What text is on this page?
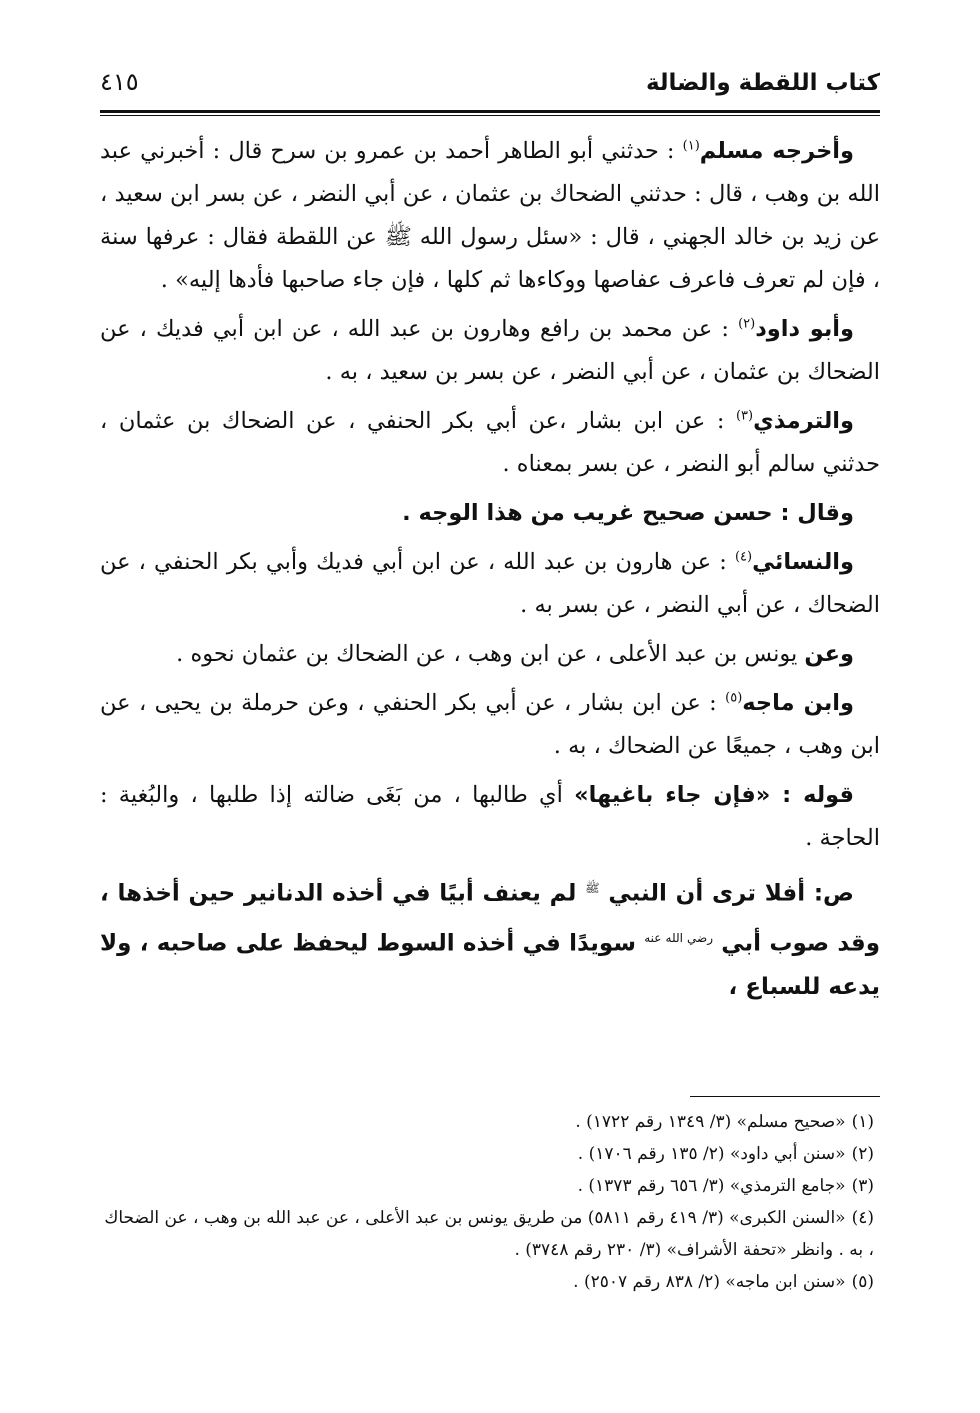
كتاب اللقطة والضالة
٤١٥

وأخرجه مسلم$^{(١)}$ : حدثني أبو الطاهر أحمد بن عمرو بن سرح قال : أخبرني عبد الله بن وهب ، قال : حدثني الضحاك بن عثمان ، عن أبي النضر ، عن بسر ابن سعيد ، عن زيد بن خالد الجهني ، قال : «سئل رسول الله ﷺ عن اللقطة فقال : عرفها سنة ، فإن لم تعرف فاعرف عفاصها ووكاءها ثم كلها ، فإن جاء صاحبها فأدها إليه» .

وأبو داود$^{(٢)}$ : عن محمد بن رافع وهارون بن عبد الله ، عن ابن أبي فديك ، عن الضحاك بن عثمان ، عن أبي النضر ، عن بسر بن سعيد ، به .

والترمذي$^{(٣)}$ : عن ابن بشار ،عن أبي بكر الحنفي ، عن الضحاك بن عثمان ، حدثني سالم أبو النضر ، عن بسر بمعناه .

وقال : حسن صحيح غريب من هذا الوجه .

والنسائي$^{(٤)}$ : عن هارون بن عبد الله ، عن ابن أبي فديك وأبي بكر الحنفي ، عن الضحاك ، عن أبي النضر ، عن بسر به .

وعن يونس بن عبد الأعلى ، عن ابن وهب ، عن الضحاك بن عثمان نحوه .

وابن ماجه$^{(٥)}$ : عن ابن بشار ، عن أبي بكر الحنفي ، وعن حرملة بن يحيى ، عن ابن وهب ، جميعًا عن الضحاك ، به .

قوله : «فإن جاء باغيها» أي طالبها ، من بَغَى ضالته إذا طلبها ، والبُغية : الحاجة .

ص: أفلا ترى أن النبي $^ﷺ$ لم يعنف أبيًا في أخذه الدنانير حين أخذها ، وقد صوب أبي $^{رضي الله عنه}$ سويدًا في أخذه السوط ليحفظ على صاحبه ، ولا يدعه للسباع ،

(١)«صحيح مسلم» (٣/ ١٣٤٩ رقم ١٧٢٢) .

(٢)«سنن أبي داود» (٢/ ١٣٥ رقم ١٧٠٦) .

(٣)«جامع الترمذي» (٣/ ٦٥٦ رقم ١٣٧٣) .

(٤)«السنن الكبرى» (٣/ ٤١٩ رقم ٥٨١١) من طريق يونس بن عبد الأعلى ، عن عبد الله بن وهب ، عن الضحاك ، به . وانظر «تحفة الأشراف» (٣/ ٢٣٠ رقم ٣٧٤٨) .

(٥)«سنن ابن ماجه» (٢/ ٨٣٨ رقم ٢٥٠٧) .
